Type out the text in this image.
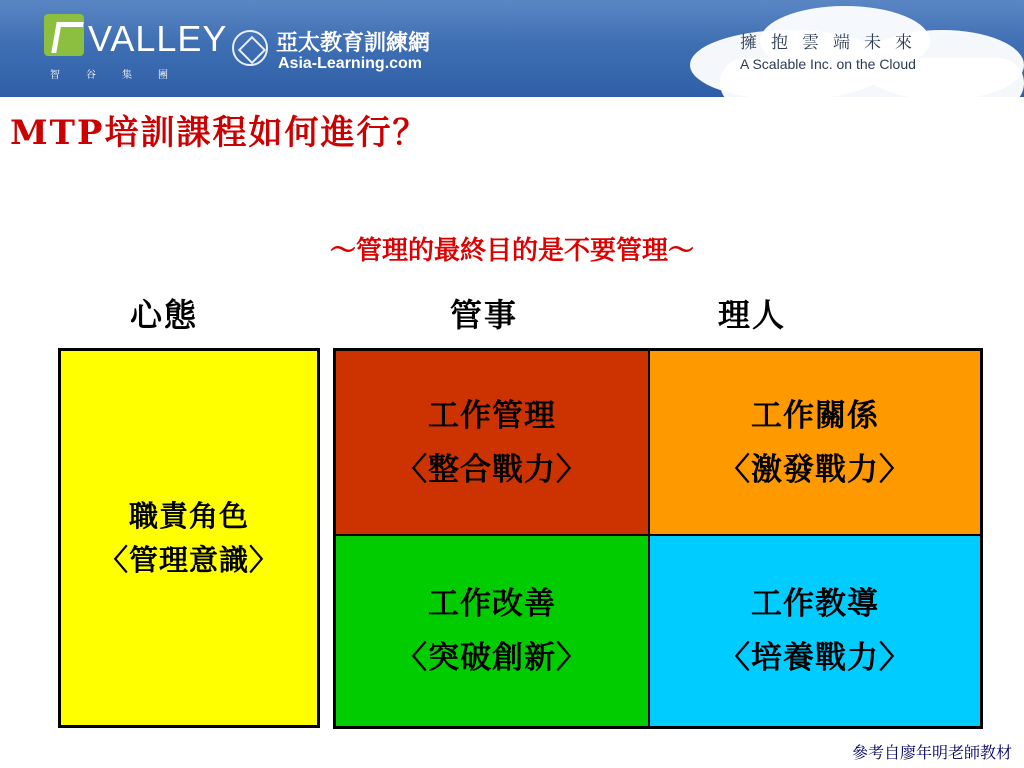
VALLEY
智谷集團
亞太教育訓練網
Asia-Learning.com
擁抱雲端未來
A Scalable Inc. on the Cloud
MTP培訓課程如何進行？
～管理的最終目的是不要管理～
心態	管事	理人
職責角色
〈管理意識〉
工作管理
〈整合戰力〉
工作關係
〈激發戰力〉
工作改善
〈突破創新〉
工作教導
〈培養戰力〉
參考自廖年明老師教材
